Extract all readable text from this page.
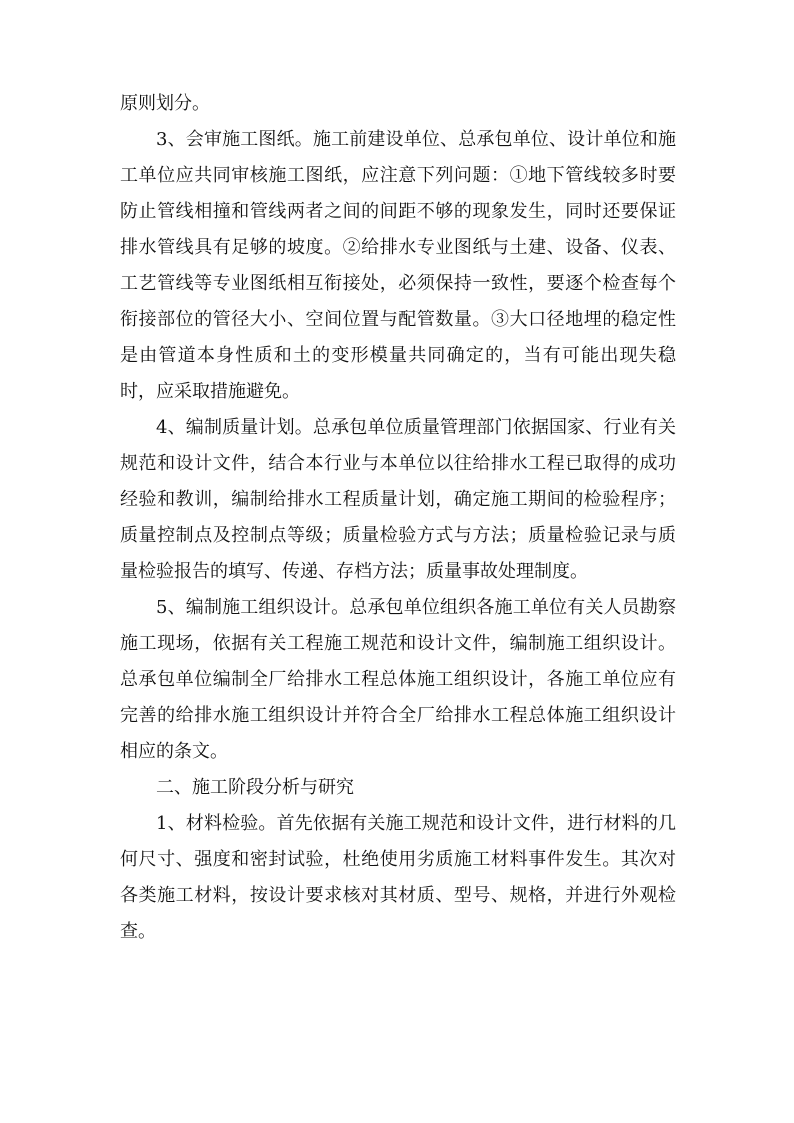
原则划分。

3、会审施工图纸。施工前建设单位、总承包单位、设计单位和施工单位应共同审核施工图纸，应注意下列问题：①地下管线较多时要防止管线相撞和管线两者之间的间距不够的现象发生，同时还要保证排水管线具有足够的坡度。②给排水专业图纸与土建、设备、仪表、工艺管线等专业图纸相互衔接处，必须保持一致性，要逐个检查每个衔接部位的管径大小、空间位置与配管数量。③大口径地埋的稳定性是由管道本身性质和土的变形模量共同确定的，当有可能出现失稳时，应采取措施避免。

4、编制质量计划。总承包单位质量管理部门依据国家、行业有关规范和设计文件，结合本行业与本单位以往给排水工程已取得的成功经验和教训，编制给排水工程质量计划，确定施工期间的检验程序；质量控制点及控制点等级；质量检验方式与方法；质量检验记录与质量检验报告的填写、传递、存档方法；质量事故处理制度。

5、编制施工组织设计。总承包单位组织各施工单位有关人员勘察施工现场，依据有关工程施工规范和设计文件，编制施工组织设计。总承包单位编制全厂给排水工程总体施工组织设计，各施工单位应有完善的给排水施工组织设计并符合全厂给排水工程总体施工组织设计相应的条文。

二、施工阶段分析与研究

1、材料检验。首先依据有关施工规范和设计文件，进行材料的几何尺寸、强度和密封试验，杜绝使用劣质施工材料事件发生。其次对各类施工材料，按设计要求核对其材质、型号、规格，并进行外观检查。
